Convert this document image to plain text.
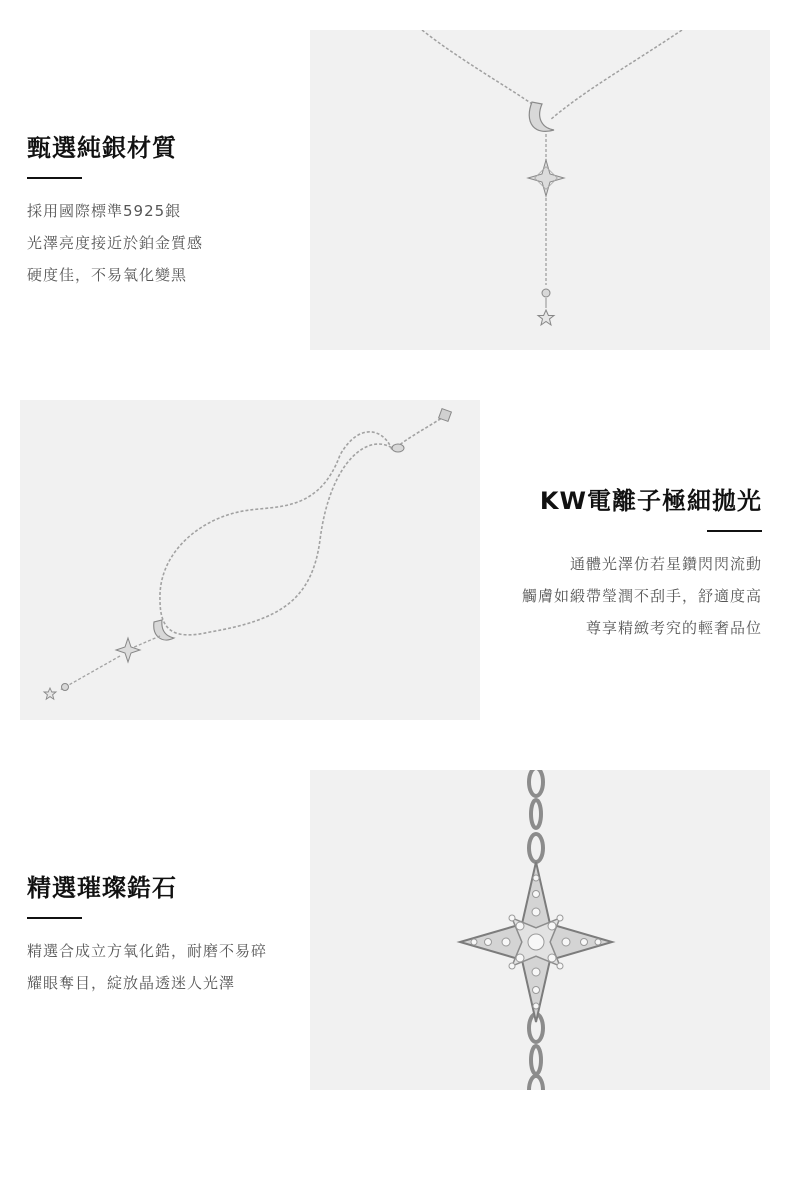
甄選純銀材質
採用國際標準5925銀
光澤亮度接近於鉑金質感
硬度佳，不易氧化變黑
KW電離子極細拋光
通體光澤仿若星鑽閃閃流動
觸膚如緞帶瑩潤不刮手，舒適度高
尊享精緻考究的輕奢品位
精選璀璨鋯石
精選合成立方氧化鋯，耐磨不易碎
耀眼奪目，綻放晶透迷人光澤
